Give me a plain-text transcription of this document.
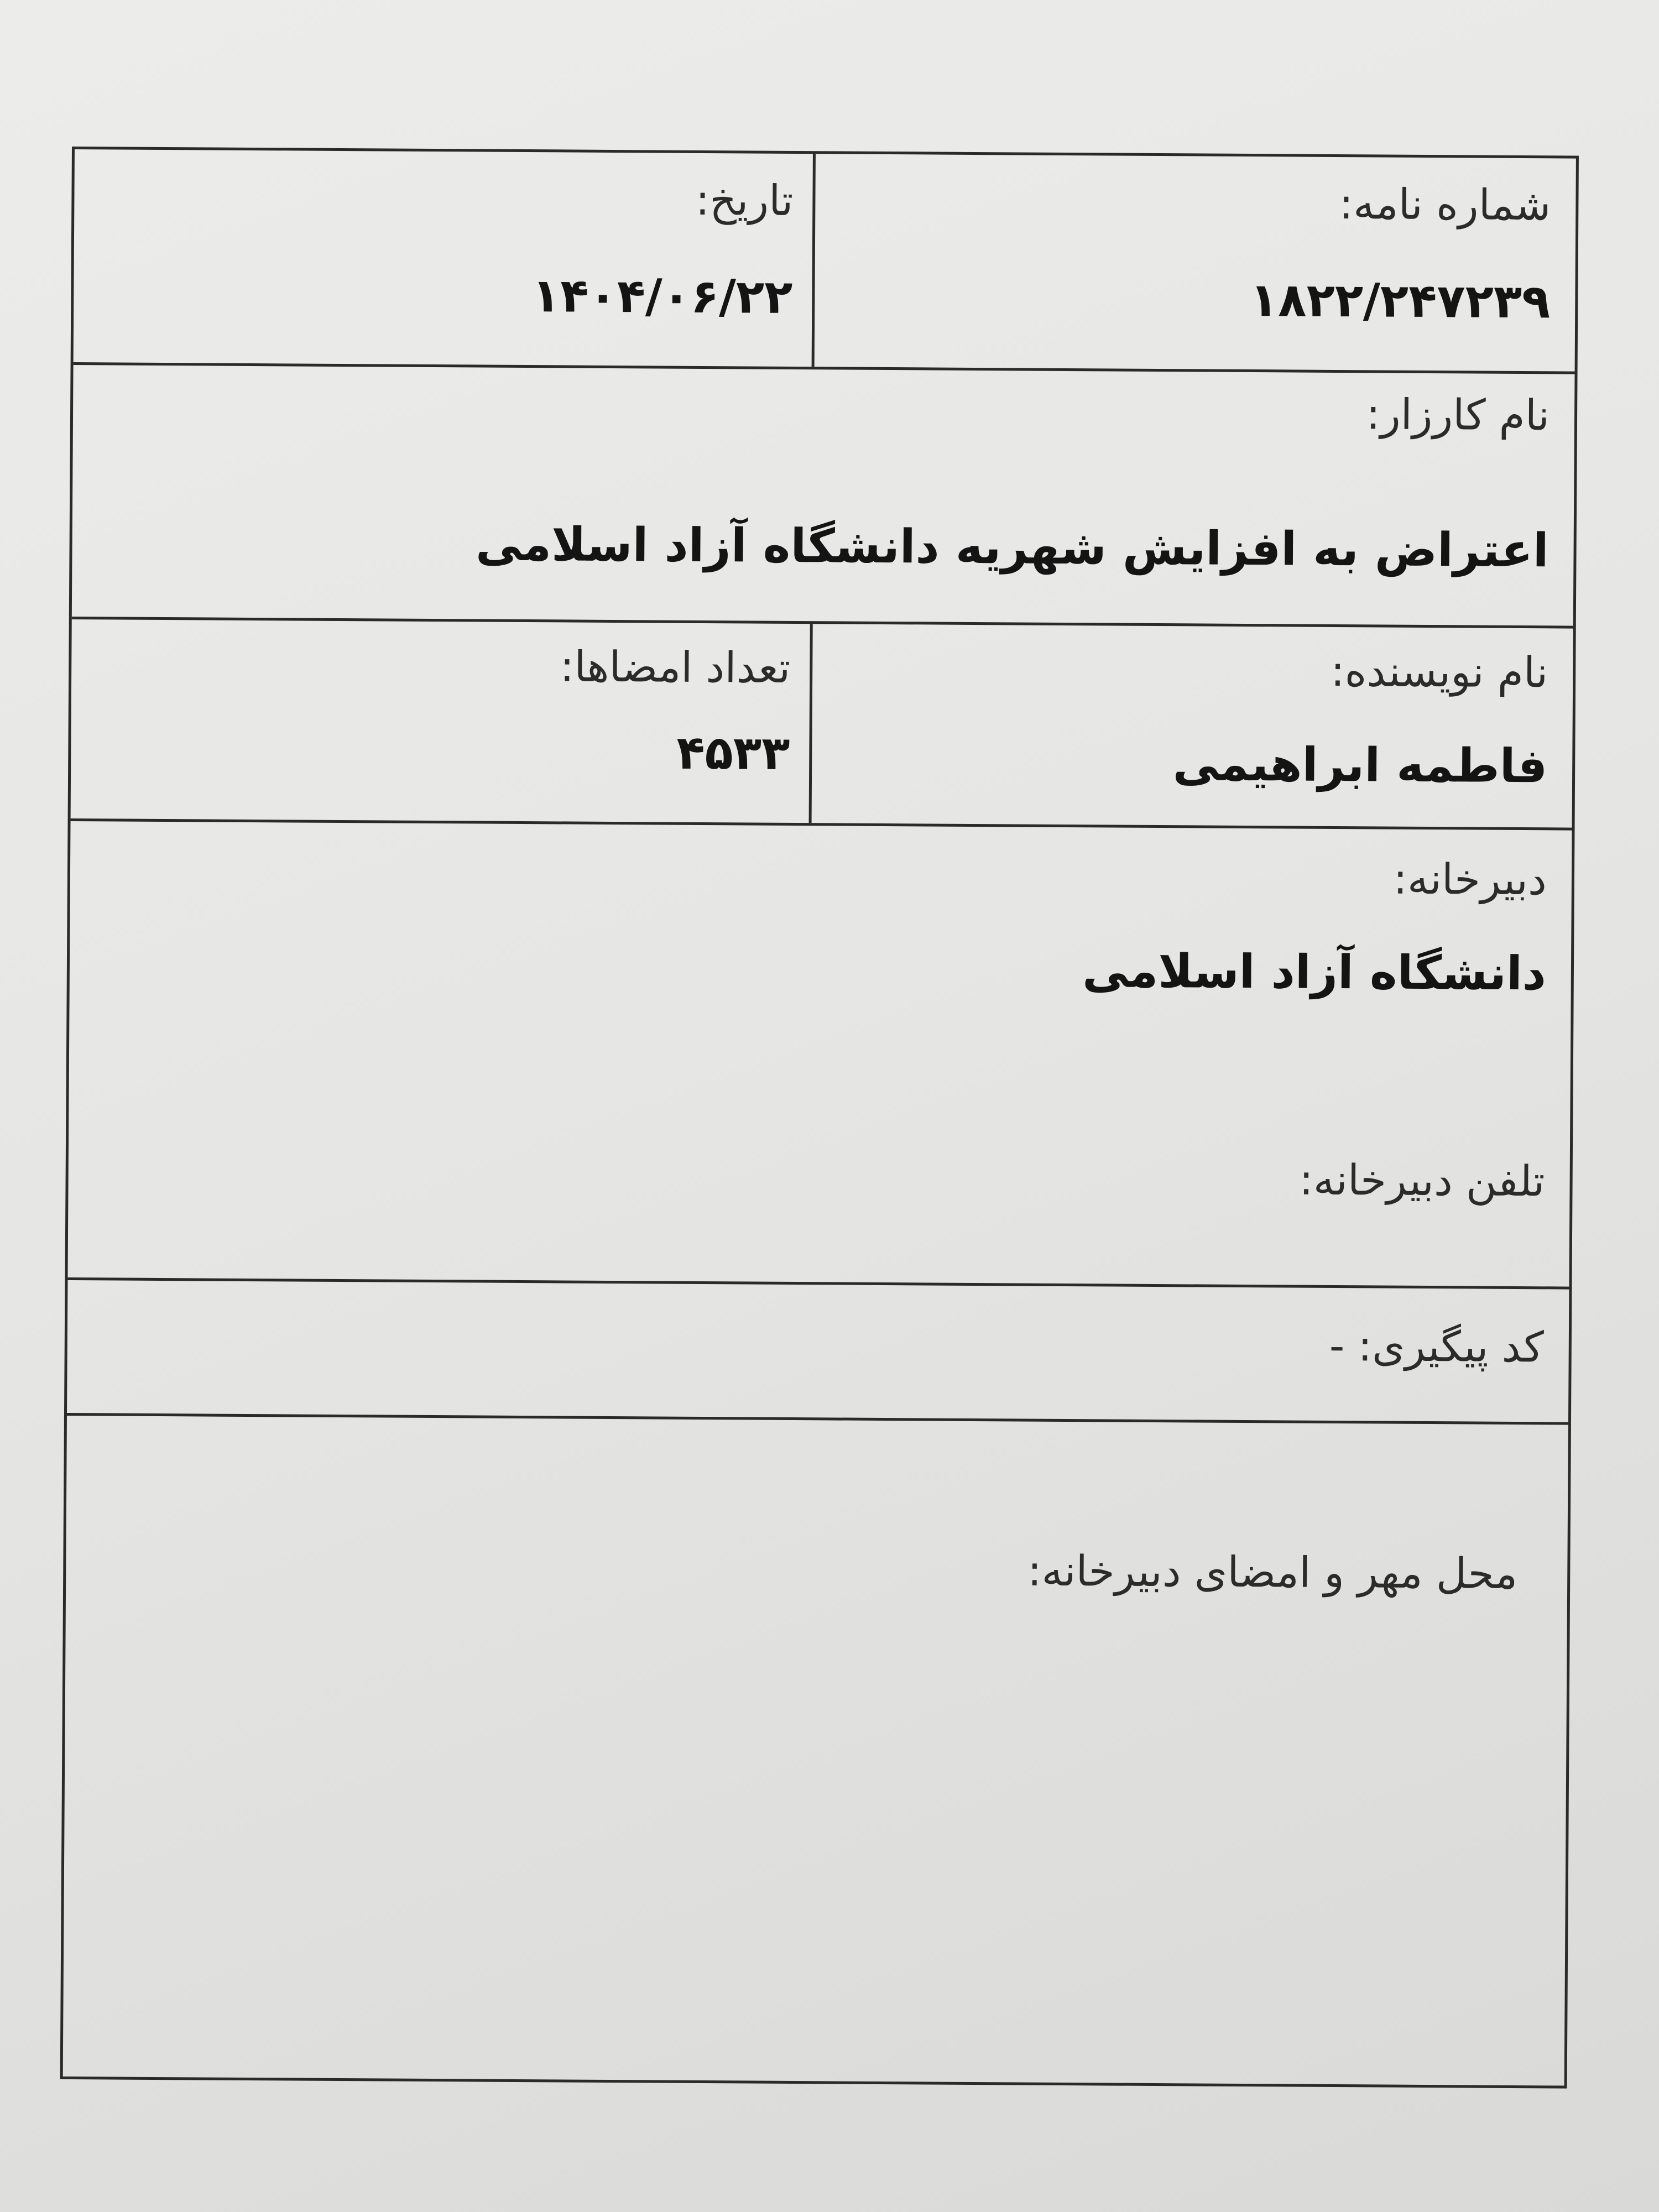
شماره نامه:
۱۸۲۲/۲۴۷۲۳۹
تاریخ:
۱۴۰۴/۰۶/۲۲
نام کارزار:
اعتراض به افزایش شهریه دانشگاه آزاد اسلامی
نام نویسنده:
فاطمه ابراهیمی
تعداد امضاها:
۴۵۳۳
دبیرخانه:
دانشگاه آزاد اسلامی
تلفن دبیرخانه:
کد پیگیری: -
محل مهر و امضای دبیرخانه:
